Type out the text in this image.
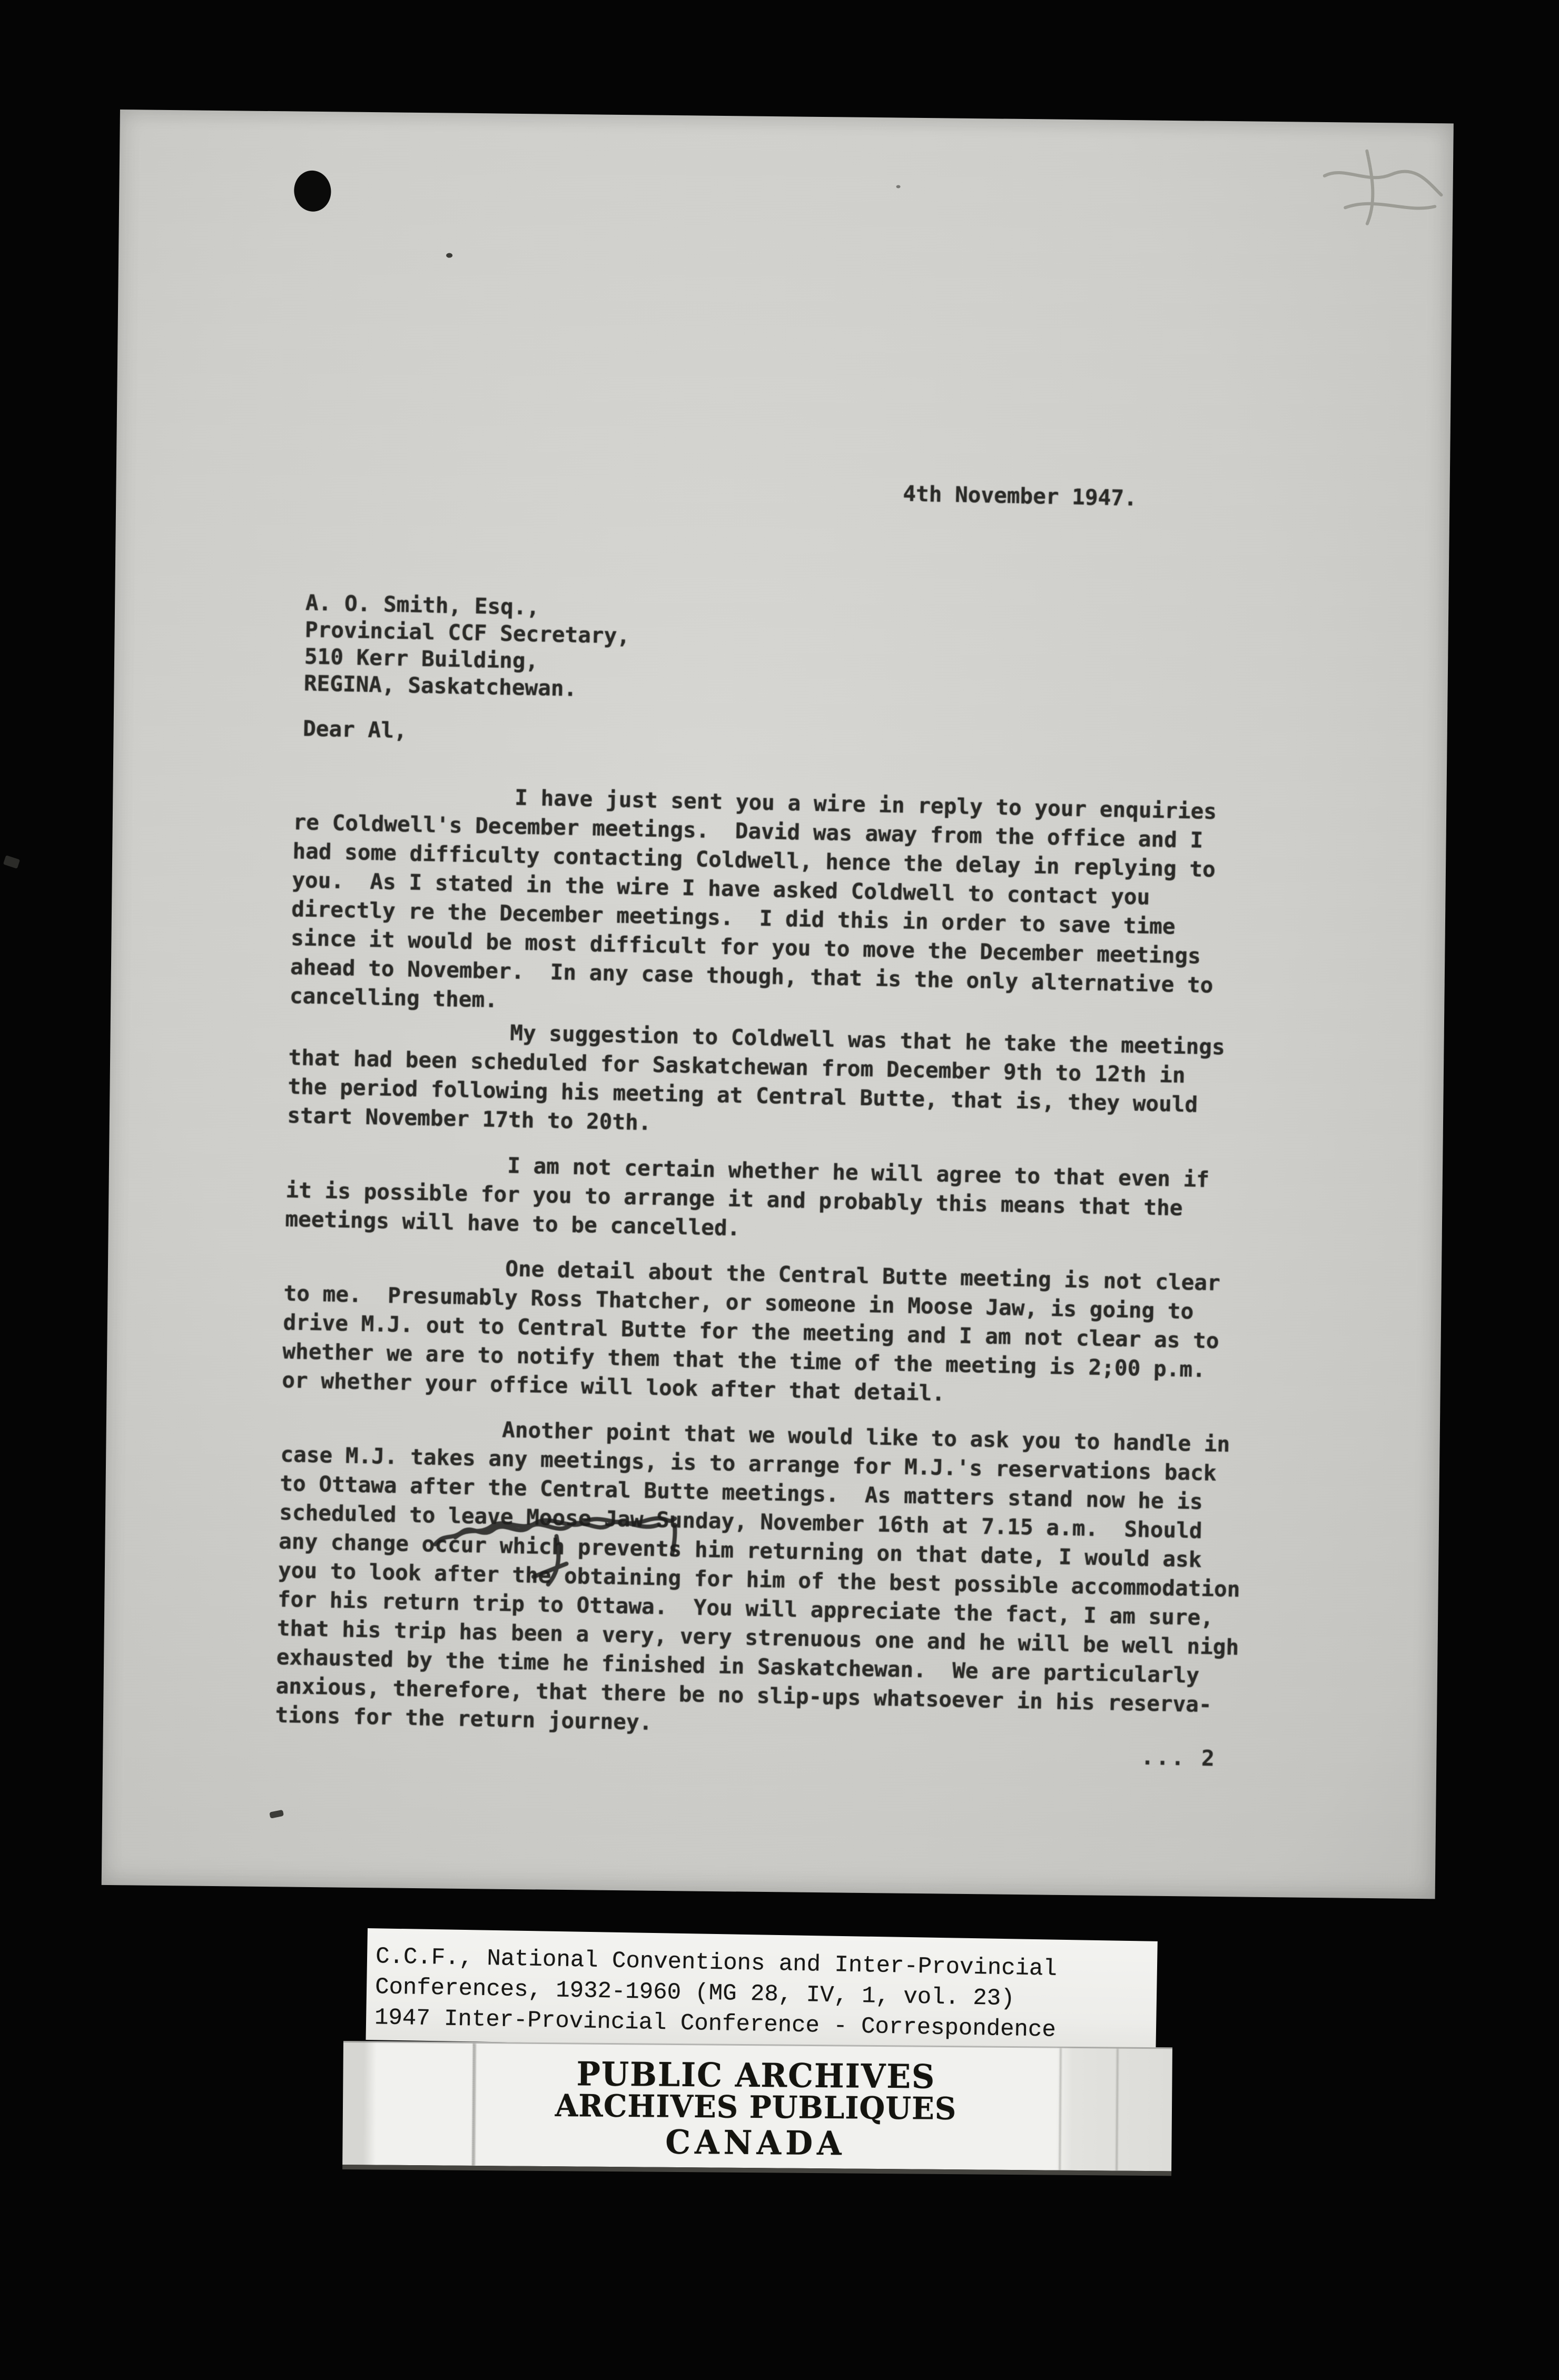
4th November 1947.
A. O. Smith, Esq.,
Provincial CCF Secretary,
510 Kerr Building,
REGINA, Saskatchewan.
Dear Al,
I have just sent you a wire in reply to your enquiries
re Coldwell's December meetings.  David was away from the office and I
had some difficulty contacting Coldwell, hence the delay in replying to
you.  As I stated in the wire I have asked Coldwell to contact you
directly re the December meetings.  I did this in order to save time
since it would be most difficult for you to move the December meetings
ahead to November.  In any case though, that is the only alternative to
cancelling them.
My suggestion to Coldwell was that he take the meetings
that had been scheduled for Saskatchewan from December 9th to 12th in
the period following his meeting at Central Butte, that is, they would
start November 17th to 20th.
I am not certain whether he will agree to that even if
it is possible for you to arrange it and probably this means that the
meetings will have to be cancelled.
One detail about the Central Butte meeting is not clear
to me.  Presumably Ross Thatcher, or someone in Moose Jaw, is going to
drive M.J. out to Central Butte for the meeting and I am not clear as to
whether we are to notify them that the time of the meeting is 2;00 p.m.
or whether your office will look after that detail.
Another point that we would like to ask you to handle in
case M.J. takes any meetings, is to arrange for M.J.'s reservations back
to Ottawa after the Central Butte meetings.  As matters stand now he is
scheduled to leave Moose Jaw Sunday, November 16th at 7.15 a.m.  Should
any change occur which prevents him returning on that date, I would ask
you to look after the obtaining for him of the best possible accommodation
for his return trip to Ottawa.  You will appreciate the fact, I am sure,
that his trip has been a very, very strenuous one and he will be well nigh
exhausted by the time he finished in Saskatchewan.  We are particularly
anxious, therefore, that there be no slip-ups whatsoever in his reserva-
tions for the return journey.
... 2
C.C.F., National Conventions and Inter-Provincial
Conferences, 1932-1960 (MG 28, IV, 1, vol. 23)
1947 Inter-Provincial Conference - Correspondence
PUBLIC ARCHIVES
ARCHIVES PUBLIQUES
CANADA
